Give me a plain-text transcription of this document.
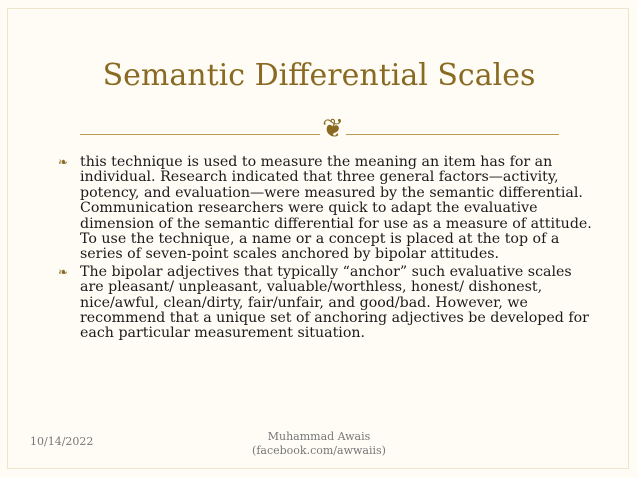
Semantic Differential Scales
❦
❧ this technique is used to measure the meaning an item has for an individual. Research indicated that three general factors—activity, potency, and evaluation—were measured by the semantic differential. Communication researchers were quick to adapt the evaluative dimension of the semantic differential for use as a measure of attitude. To use the technique, a name or a concept is placed at the top of a series of seven-point scales anchored by bipolar attitudes.
❧ The bipolar adjectives that typically “anchor” such evaluative scales are pleasant/ unpleasant, valuable/worthless, honest/ dishonest, nice/awful, clean/dirty, fair/unfair, and good/bad. However, we recommend that a unique set of anchoring adjectives be developed for each particular measurement situation.
10/14/2022	Muhammad Awais
(facebook.com/awwaiis)
